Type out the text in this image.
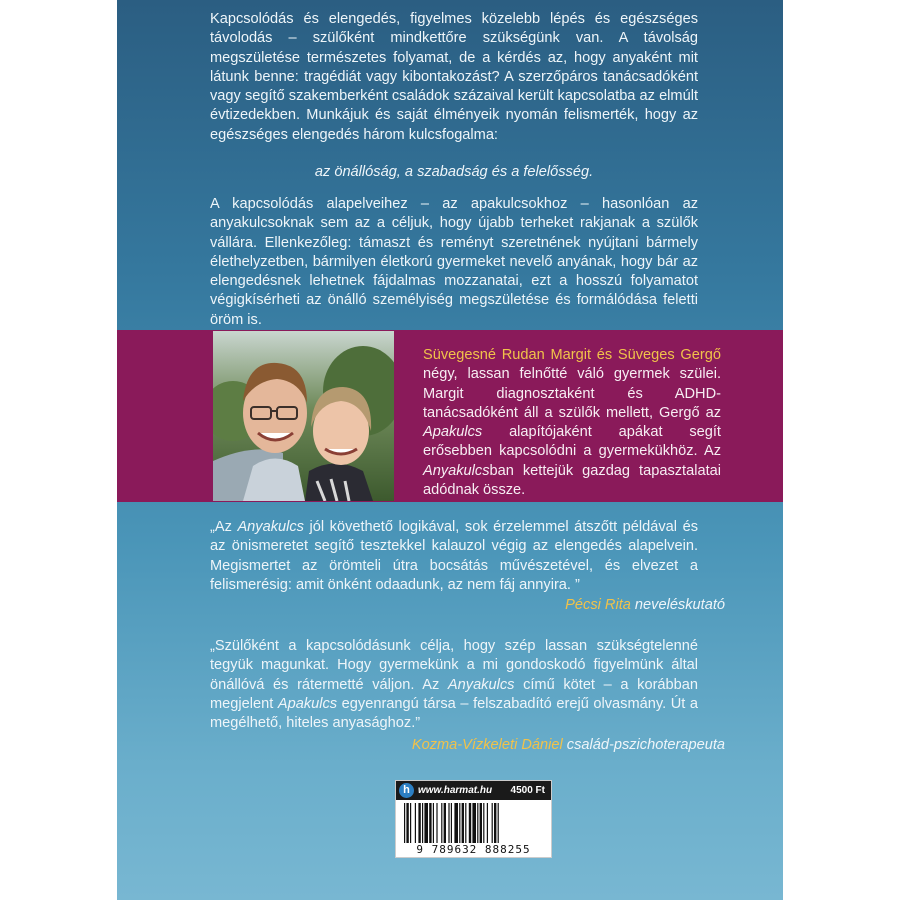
Kapcsolódás és elengedés, figyelmes közelebb lépés és egészséges távolodás – szülőként mindkettőre szükségünk van. A távolság megszületése természetes folyamat, de a kérdés az, hogy anyaként mit látunk benne: tragédiát vagy kibontakozást? A szerzőpáros tanácsadóként vagy segítő szakemberként családok százaival került kapcsolatba az elmúlt évtizedekben. Munkájuk és saját élményeik nyomán felismerték, hogy az egészséges elengedés három kulcsfogalma:

az önállóság, a szabadság és a felelősség.

A kapcsolódás alapelveihez – az apakulcsokhoz – hasonlóan az anyakulcsoknak sem az a céljuk, hogy újabb terheket rakjanak a szülők vállára. Ellenkezőleg: támaszt és reményt szeretnének nyújtani bármely élethelyzetben, bármilyen életkorú gyermeket nevelő anyának, hogy bár az elengedésnek lehetnek fájdalmas mozzanatai, ezt a hosszú folyamatot végigkísérheti az önálló személyiség megszületése és formálódása feletti öröm is.

Süvegesné Rudan Margit és Süveges Gergő négy, lassan felnőtté váló gyermek szülei. Margit diagnosztaként és ADHD-tanácsadóként áll a szülők mellett, Gergő az Apakulcs alapítójaként apákat segít erősebben kapcsolódni a gyermekükhöz. Az Anyakulcsban kettejük gazdag tapasztalatai adódnak össze.
„Az Anyakulcs jól követhető logikával, sok érzelemmel átszőtt példával és az önismeretet segítő tesztekkel kalauzol végig az elengedés alapelvein. Megismertet az örömteli útra bocsátás művészetével, és elvezet a felismerésig: amit önként odaadunk, az nem fáj annyira. ”
Pécsi Rita neveléskutató
„Szülőként a kapcsolódásunk célja, hogy szép lassan szükségtelenné tegyük magunkat. Hogy gyermekünk a mi gondoskodó figyelmünk által önállóvá és rátermetté váljon. Az Anyakulcs című kötet – a korábban megjelent Apakulcs egyenrangú társa – felszabadító erejű olvasmány. Út a megélhető, hiteles anyasághoz.”
Kozma-Vízkeleti Dániel család-pszichoterapeuta
h www.harmat.hu 4500 Ft
9 789632 888255
